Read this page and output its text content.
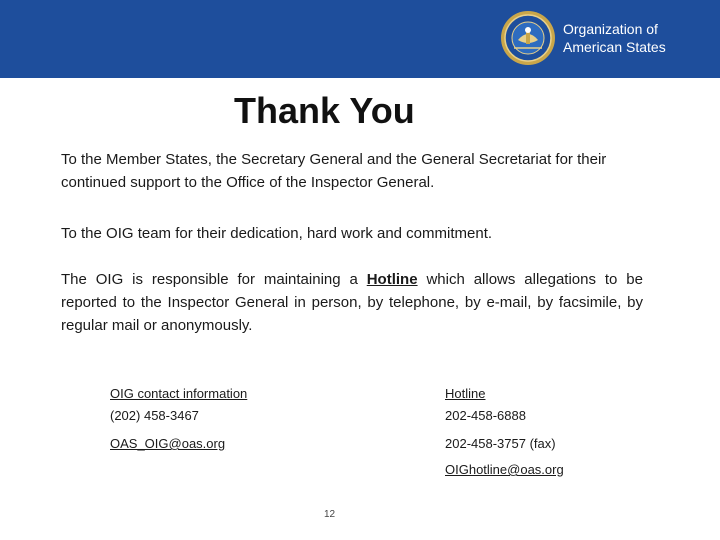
Organization of
American States
Thank You
To the Member States, the Secretary General and the General Secretariat for their continued support to the Office of the Inspector General.
To the OIG team for their dedication, hard work and commitment.
The OIG is responsible for maintaining a Hotline which allows allegations to be reported to the Inspector General in person, by telephone, by e-mail, by facsimile, by regular mail or anonymously.
OIG contact information
(202) 458-3467
OAS_OIG@oas.org
Hotline
202-458-6888
202-458-3757 (fax)
OIGhotline@oas.org
12
